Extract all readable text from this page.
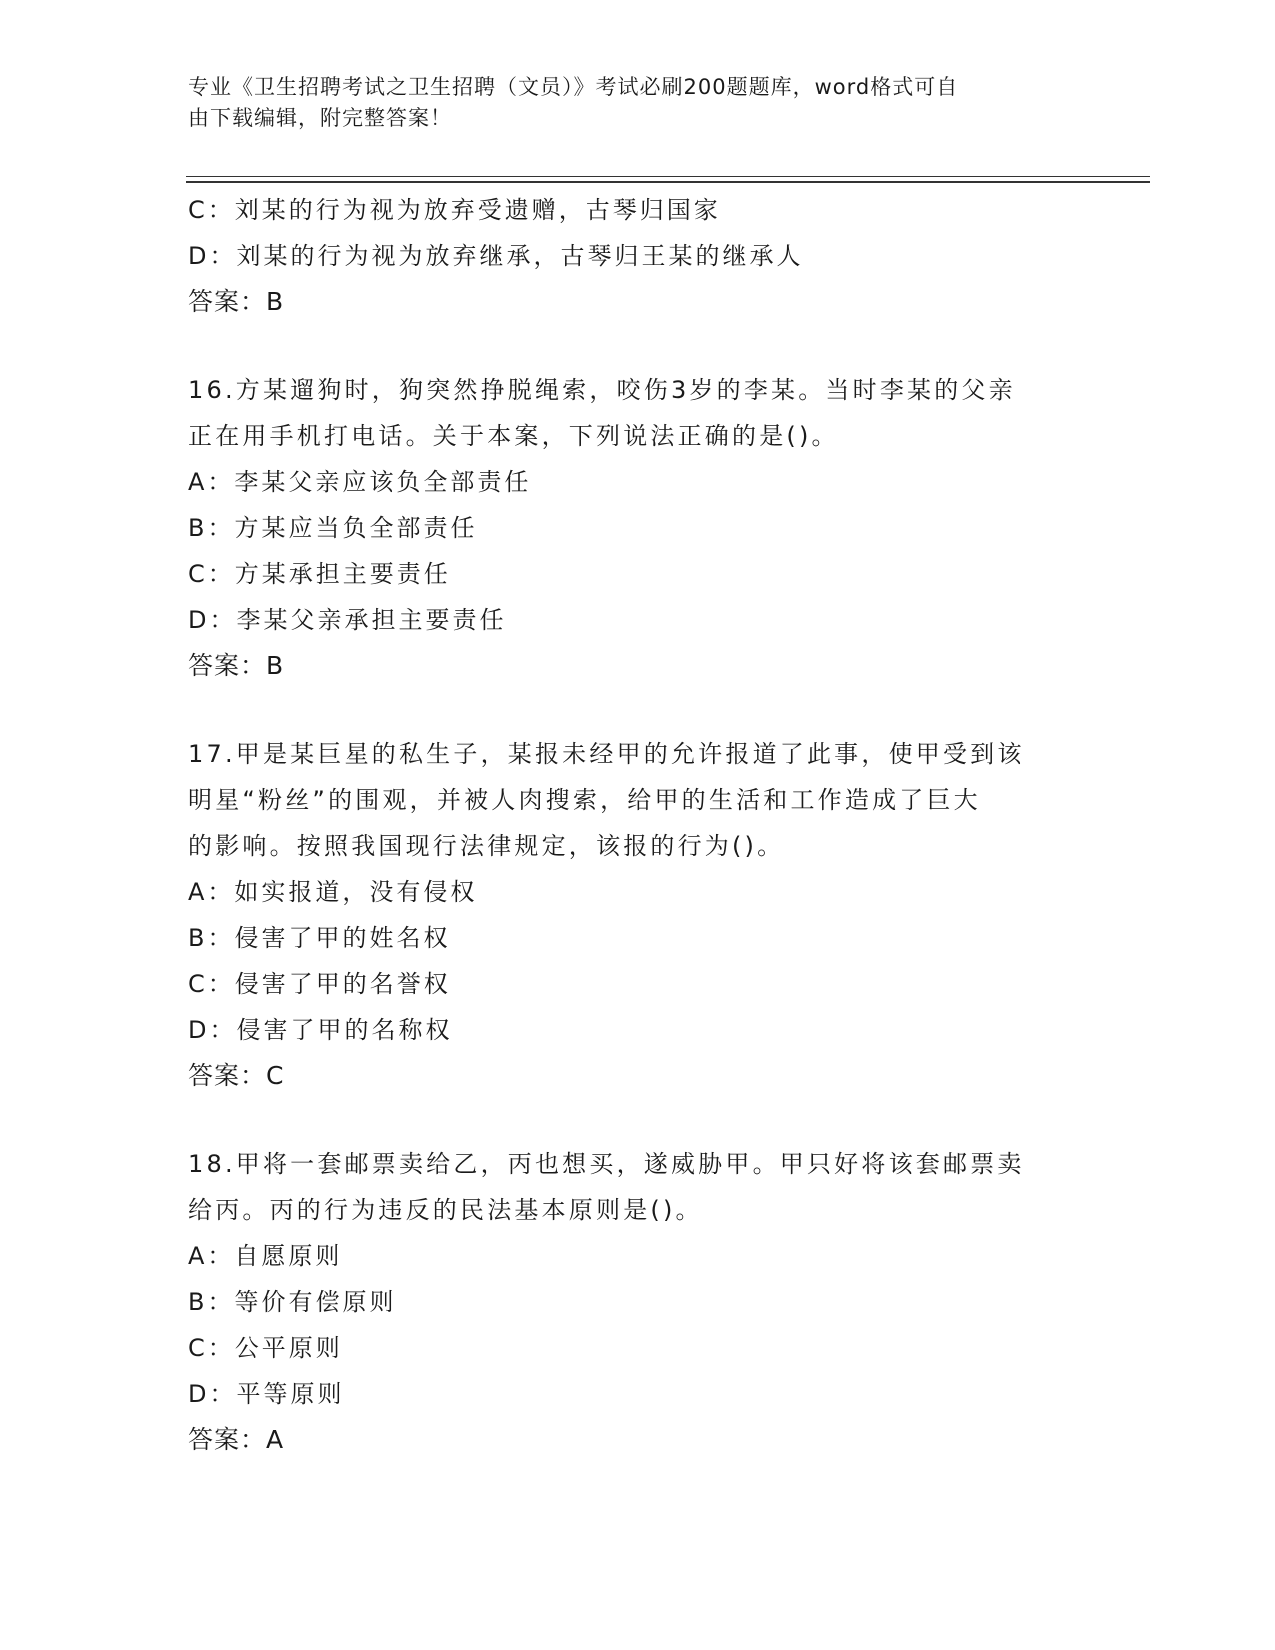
专业《卫生招聘考试之卫生招聘（文员）》考试必刷200题题库，word格式可自
由下载编辑，附完整答案！
C：刘某的行为视为放弃受遗赠，古琴归国家
D：刘某的行为视为放弃继承，古琴归王某的继承人
答案：B
16.方某遛狗时，狗突然挣脱绳索，咬伤3岁的李某。当时李某的父亲
正在用手机打电话。关于本案，下列说法正确的是()。
A：李某父亲应该负全部责任
B：方某应当负全部责任
C：方某承担主要责任
D：李某父亲承担主要责任
答案：B
17.甲是某巨星的私生子，某报未经甲的允许报道了此事，使甲受到该
明星“粉丝”的围观，并被人肉搜索，给甲的生活和工作造成了巨大
的影响。按照我国现行法律规定，该报的行为()。
A：如实报道，没有侵权
B：侵害了甲的姓名权
C：侵害了甲的名誉权
D：侵害了甲的名称权
答案：C
18.甲将一套邮票卖给乙，丙也想买，遂威胁甲。甲只好将该套邮票卖
给丙。丙的行为违反的民法基本原则是()。
A：自愿原则
B：等价有偿原则
C：公平原则
D：平等原则
答案：A
